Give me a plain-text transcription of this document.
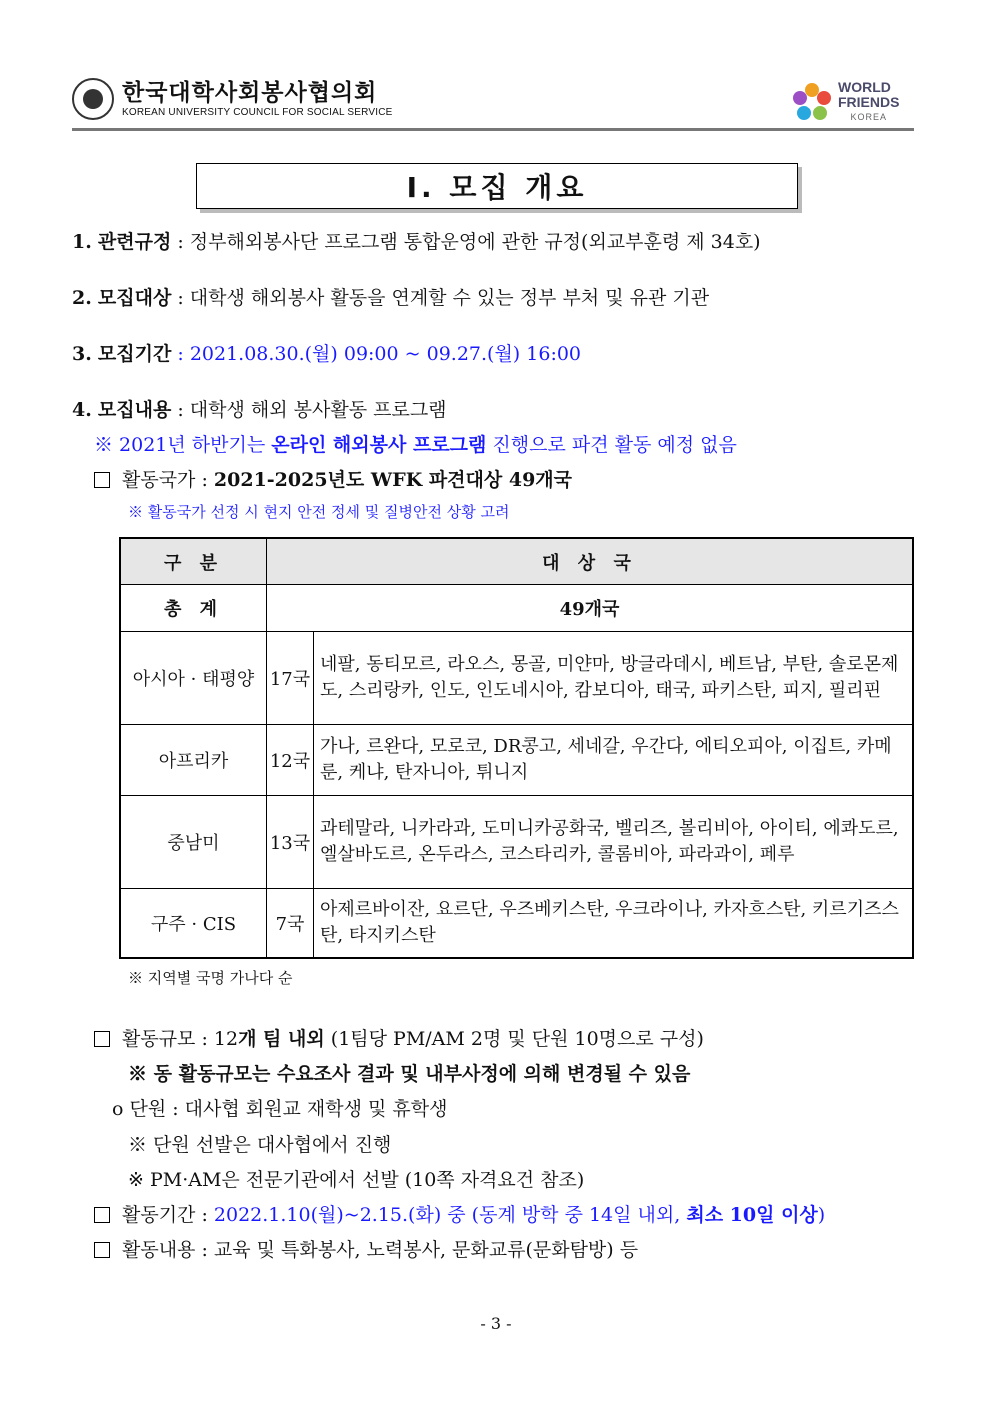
한국대학사회봉사협의회
KOREAN UNIVERSITY COUNCIL FOR SOCIAL SERVICE
WORLD
FRIENDS
KOREA
Ⅰ. 모집 개요
1. 관련규정 : 정부해외봉사단 프로그램 통합운영에 관한 규정(외교부훈령 제 34호)
2. 모집대상 : 대학생 해외봉사 활동을 연계할 수 있는 정부 부처 및 유관 기관
3. 모집기간 : 2021.08.30.(월) 09:00 ~ 09.27.(월) 16:00
4. 모집내용 : 대학생 해외 봉사활동 프로그램
※ 2021년 하반기는 온라인 해외봉사 프로그램 진행으로 파견 활동 예정 없음
활동국가 : 2021-2025년도 WFK 파견대상 49개국
※ 활동국가 선정 시 현지 안전 정세 및 질병안전 상황 고려
구 분	대 상 국	
총 계	49개국	
아시아 · 태평양	17국	네팔, 동티모르, 라오스, 몽골, 미얀마, 방글라데시, 베트남, 부탄, 솔로몬제도, 스리랑카, 인도, 인도네시아, 캄보디아, 태국, 파키스탄, 피지, 필리핀
아프리카	12국	가나, 르완다, 모로코, DR콩고, 세네갈, 우간다, 에티오피아, 이집트, 카메룬, 케냐, 탄자니아, 튀니지
중남미	13국	과테말라, 니카라과, 도미니카공화국, 벨리즈, 볼리비아, 아이티, 에콰도르, 엘살바도르, 온두라스, 코스타리카, 콜롬비아, 파라과이, 페루
구주 · CIS	7국	아제르바이잔, 요르단, 우즈베키스탄, 우크라이나, 카자흐스탄, 키르기즈스탄, 타지키스탄
※ 지역별 국명 가나다 순
활동규모 : 12개 팀 내외 (1팀당 PM/AM 2명 및 단원 10명으로 구성)
※ 동 활동규모는 수요조사 결과 및 내부사정에 의해 변경될 수 있음
o 단원 : 대사협 회원교 재학생 및 휴학생
※ 단원 선발은 대사협에서 진행
※ PM·AM은 전문기관에서 선발 (10쪽 자격요건 참조)
활동기간 : 2022.1.10(월)~2.15.(화) 중 (동계 방학 중 14일 내외, 최소 10일 이상)
활동내용 : 교육 및 특화봉사, 노력봉사, 문화교류(문화탐방) 등
- 3 -
